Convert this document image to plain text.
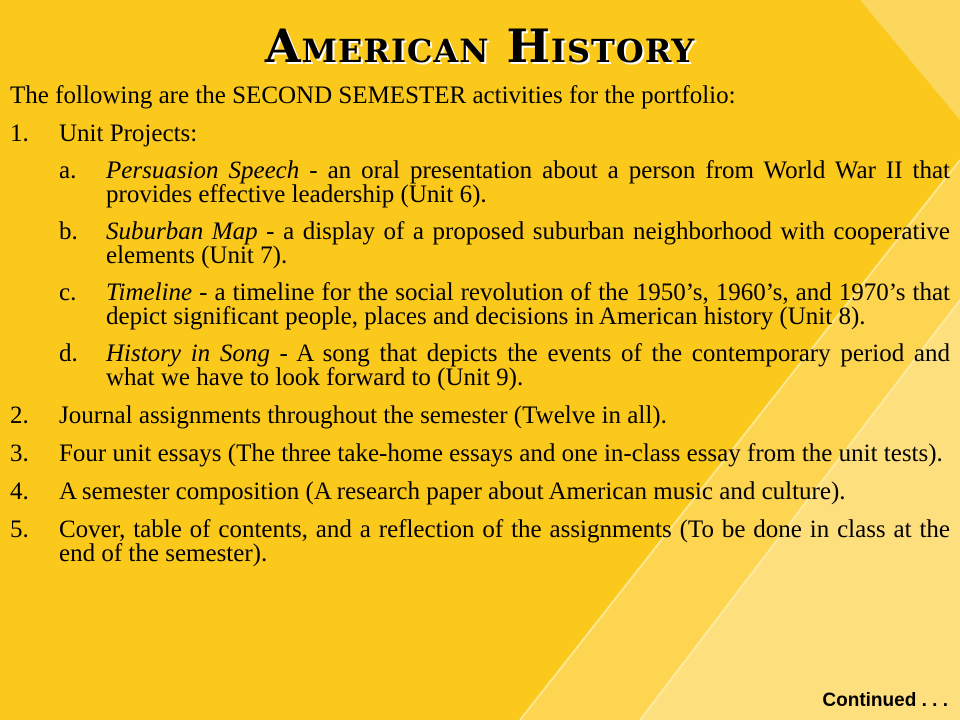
American History

The following are the SECOND SEMESTER activities for the portfolio:

1.	Unit Projects:
a.	Persuasion Speech - an oral presentation about a person from World War II that provides effective leadership (Unit 6).
b.	Suburban Map - a display of a proposed suburban neighborhood with cooperative elements (Unit 7).
c.	Timeline - a timeline for the social revolution of the 1950’s, 1960’s, and 1970’s that depict significant people, places and decisions in American history (Unit 8).
d.	History in Song - A song that depicts the events of the contemporary period and what we have to look forward to (Unit 9).
2.	Journal assignments throughout the semester (Twelve in all).
3.	Four unit essays (The three take-home essays and one in-class essay from the unit tests).
4.	A semester composition (A research paper about American music and culture).
5.	Cover, table of contents, and a reflection of the assignments (To be done in class at the end of the semester).
Continued . . .
